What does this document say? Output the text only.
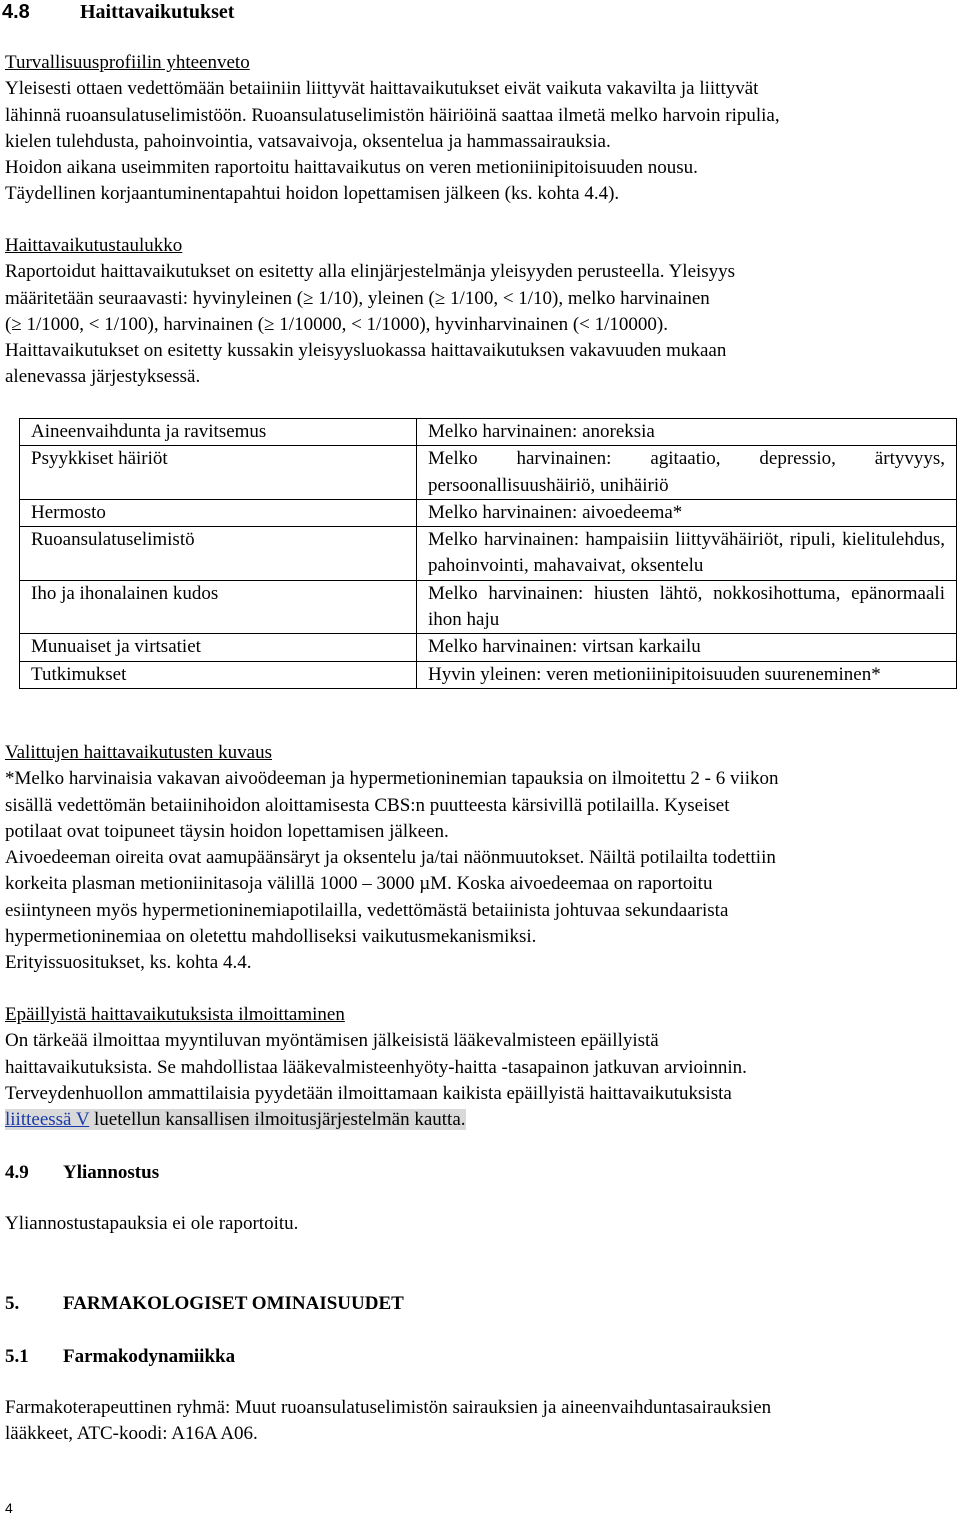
4.8	Haittavaikutukset
Turvallisuusprofiilin yhteenveto
Yleisesti ottaen vedettömään betaiiniin liittyvät haittavaikutukset eivät vaikuta vakavilta ja liittyvät
lähinnä ruoansulatuselimistöön. Ruoansulatuselimistön häiriöinä saattaa ilmetä melko harvoin ripulia,
kielen tulehdusta, pahoinvointia, vatsavaivoja, oksentelua ja hammassairauksia.
Hoidon aikana useimmiten raportoitu haittavaikutus on veren metioniinipitoisuuden nousu.
Täydellinen korjaantuminentapahtui hoidon lopettamisen jälkeen (ks. kohta 4.4).
Haittavaikutustaulukko
Raportoidut haittavaikutukset on esitetty alla elinjärjestelmänja yleisyyden perusteella. Yleisyys
määritetään seuraavasti: hyvinyleinen (≥ 1/10), yleinen (≥ 1/100, < 1/10), melko harvinainen
(≥ 1/1000, < 1/100), harvinainen (≥ 1/10000, < 1/1000), hyvinharvinainen (< 1/10000).
Haittavaikutukset on esitetty kussakin yleisyysluokassa haittavaikutuksen vakavuuden mukaan
alenevassa järjestyksessä.
Aineenvaihdunta ja ravitsemus	Melko harvinainen: anoreksia
Psyykkiset häiriöt	Melko harvinainen: agitaatio, depressio, ärtyvyys, persoonallisuushäiriö, unihäiriö
Hermosto	Melko harvinainen: aivoedeema*
Ruoansulatuselimistö	Melko harvinainen: hampaisiin liittyvähäiriöt, ripuli, kielitulehdus, pahoinvointi, mahavaivat, oksentelu
Iho ja ihonalainen kudos	Melko harvinainen: hiusten lähtö, nokkosihottuma, epänormaali ihon haju
Munuaiset ja virtsatiet	Melko harvinainen: virtsan karkailu
Tutkimukset	Hyvin yleinen: veren metioniinipitoisuuden suureneminen*
Valittujen haittavaikutusten kuvaus
*Melko harvinaisia vakavan aivoödeeman ja hypermetioninemian tapauksia on ilmoitettu 2 - 6 viikon
sisällä vedettömän betaiinihoidon aloittamisesta CBS:n puutteesta kärsivillä potilailla. Kyseiset
potilaat ovat toipuneet täysin hoidon lopettamisen jälkeen.
Aivoedeeman oireita ovat aamupäänsäryt ja oksentelu ja/tai näönmuutokset. Näiltä potilailta todettiin
korkeita plasman metioniinitasoja välillä 1000 – 3000 µM. Koska aivoedeemaa on raportoitu
esiintyneen myös hypermetioninemiapotilailla, vedettömästä betaiinista johtuvaa sekundaarista
hypermetioninemiaa on oletettu mahdolliseksi vaikutusmekanismiksi.
Erityissuositukset, ks. kohta 4.4.
Epäillyistä haittavaikutuksista ilmoittaminen
On tärkeää ilmoittaa myyntiluvan myöntämisen jälkeisistä lääkevalmisteen epäillyistä
haittavaikutuksista. Se mahdollistaa lääkevalmisteenhyöty-haitta -tasapainon jatkuvan arvioinnin.
Terveydenhuollon ammattilaisia pyydetään ilmoittamaan kaikista epäillyistä haittavaikutuksista
liitteessä V luetellun kansallisen ilmoitusjärjestelmän kautta.
4.9 Yliannostus
Yliannostustapauksia ei ole raportoitu.
5. FARMAKOLOGISET OMINAISUUDET
5.1 Farmakodynamiikka
Farmakoterapeuttinen ryhmä: Muut ruoansulatuselimistön sairauksien ja aineenvaihduntasairauksien
lääkkeet, ATC-koodi: A16A A06.
4
